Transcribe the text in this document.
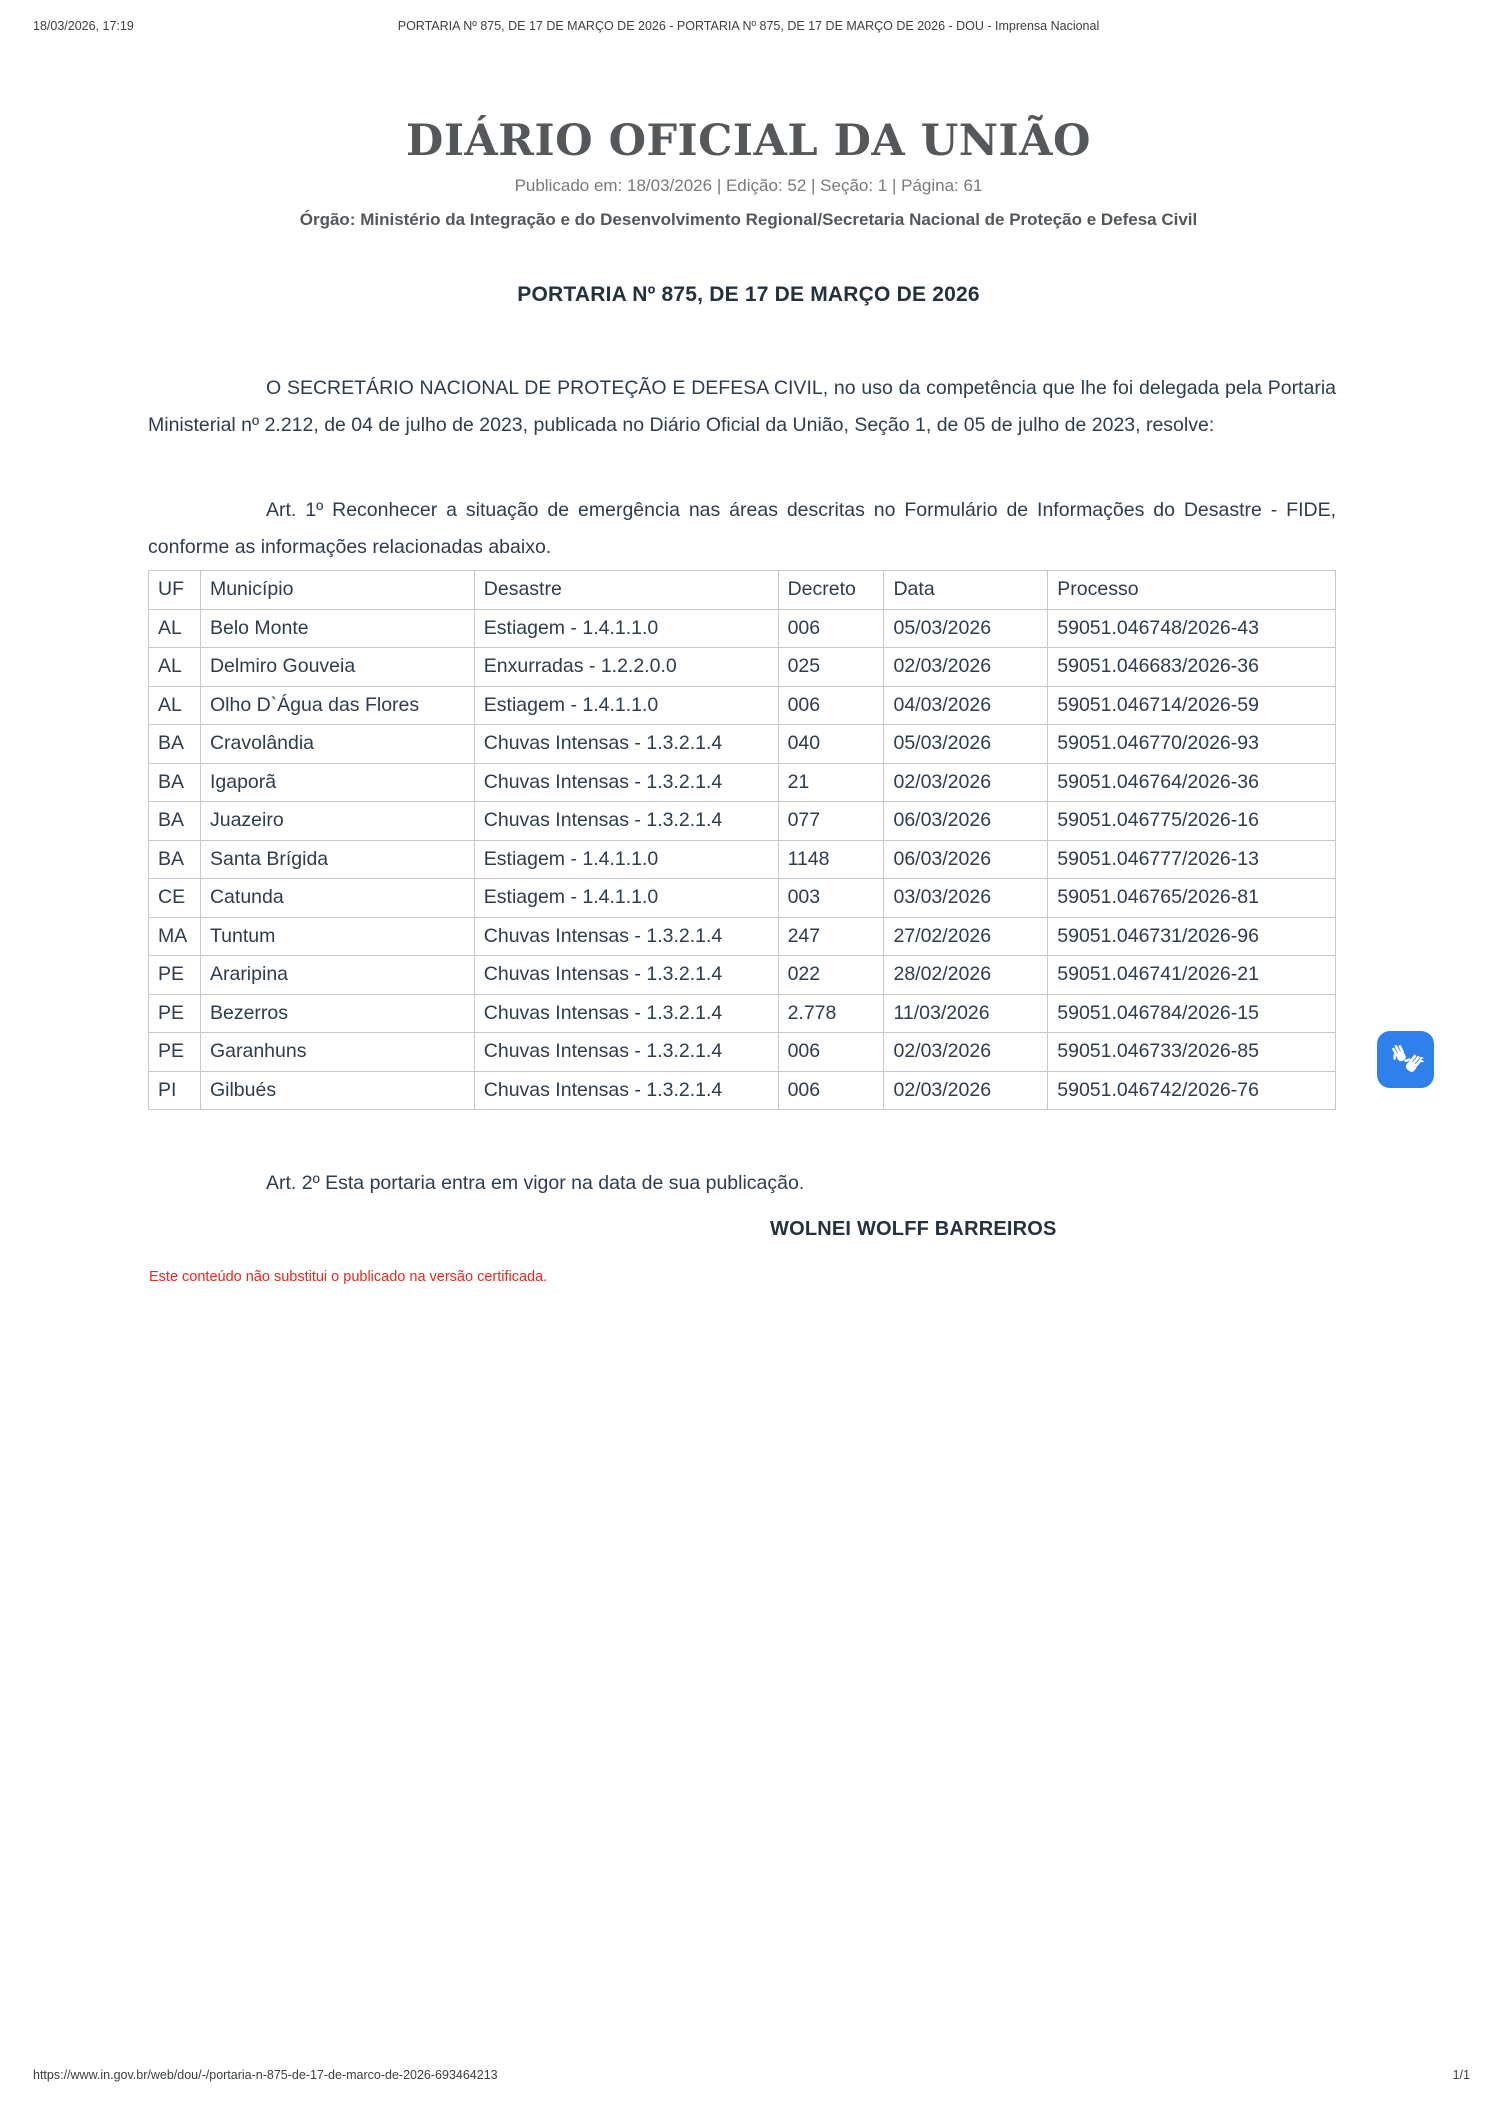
18/03/2026, 17:19	PORTARIA Nº 875, DE 17 DE MARÇO DE 2026 - PORTARIA Nº 875, DE 17 DE MARÇO DE 2026 - DOU - Imprensa Nacional
DIÁRIO OFICIAL DA UNIÃO
Publicado em: 18/03/2026 | Edição: 52 | Seção: 1 | Página: 61
Órgão: Ministério da Integração e do Desenvolvimento Regional/Secretaria Nacional de Proteção e Defesa Civil
PORTARIA Nº 875, DE 17 DE MARÇO DE 2026

O SECRETÁRIO NACIONAL DE PROTEÇÃO E DEFESA CIVIL, no uso da competência que lhe foi delegada pela Portaria Ministerial nº 2.212, de 04 de julho de 2023, publicada no Diário Oficial da União, Seção 1, de 05 de julho de 2023, resolve:

Art. 1º Reconhecer a situação de emergência nas áreas descritas no Formulário de Informações do Desastre - FIDE, conforme as informações relacionadas abaixo.

UF	Município	Desastre	Decreto	Data	Processo
AL	Belo Monte	Estiagem - 1.4.1.1.0	006	05/03/2026	59051.046748/2026-43
AL	Delmiro Gouveia	Enxurradas - 1.2.2.0.0	025	02/03/2026	59051.046683/2026-36
AL	Olho D`Água das Flores	Estiagem - 1.4.1.1.0	006	04/03/2026	59051.046714/2026-59
BA	Cravolândia	Chuvas Intensas - 1.3.2.1.4	040	05/03/2026	59051.046770/2026-93
BA	Igaporã	Chuvas Intensas - 1.3.2.1.4	21	02/03/2026	59051.046764/2026-36
BA	Juazeiro	Chuvas Intensas - 1.3.2.1.4	077	06/03/2026	59051.046775/2026-16
BA	Santa Brígida	Estiagem - 1.4.1.1.0	1148	06/03/2026	59051.046777/2026-13
CE	Catunda	Estiagem - 1.4.1.1.0	003	03/03/2026	59051.046765/2026-81
MA	Tuntum	Chuvas Intensas - 1.3.2.1.4	247	27/02/2026	59051.046731/2026-96
PE	Araripina	Chuvas Intensas - 1.3.2.1.4	022	28/02/2026	59051.046741/2026-21
PE	Bezerros	Chuvas Intensas - 1.3.2.1.4	2.778	11/03/2026	59051.046784/2026-15
PE	Garanhuns	Chuvas Intensas - 1.3.2.1.4	006	02/03/2026	59051.046733/2026-85
PI	Gilbués	Chuvas Intensas - 1.3.2.1.4	006	02/03/2026	59051.046742/2026-76

Art. 2º Esta portaria entra em vigor na data de sua publicação.

WOLNEI WOLFF BARREIROS
Este conteúdo não substitui o publicado na versão certificada.
https://www.in.gov.br/web/dou/-/portaria-n-875-de-17-de-marco-de-2026-693464213	1/1
